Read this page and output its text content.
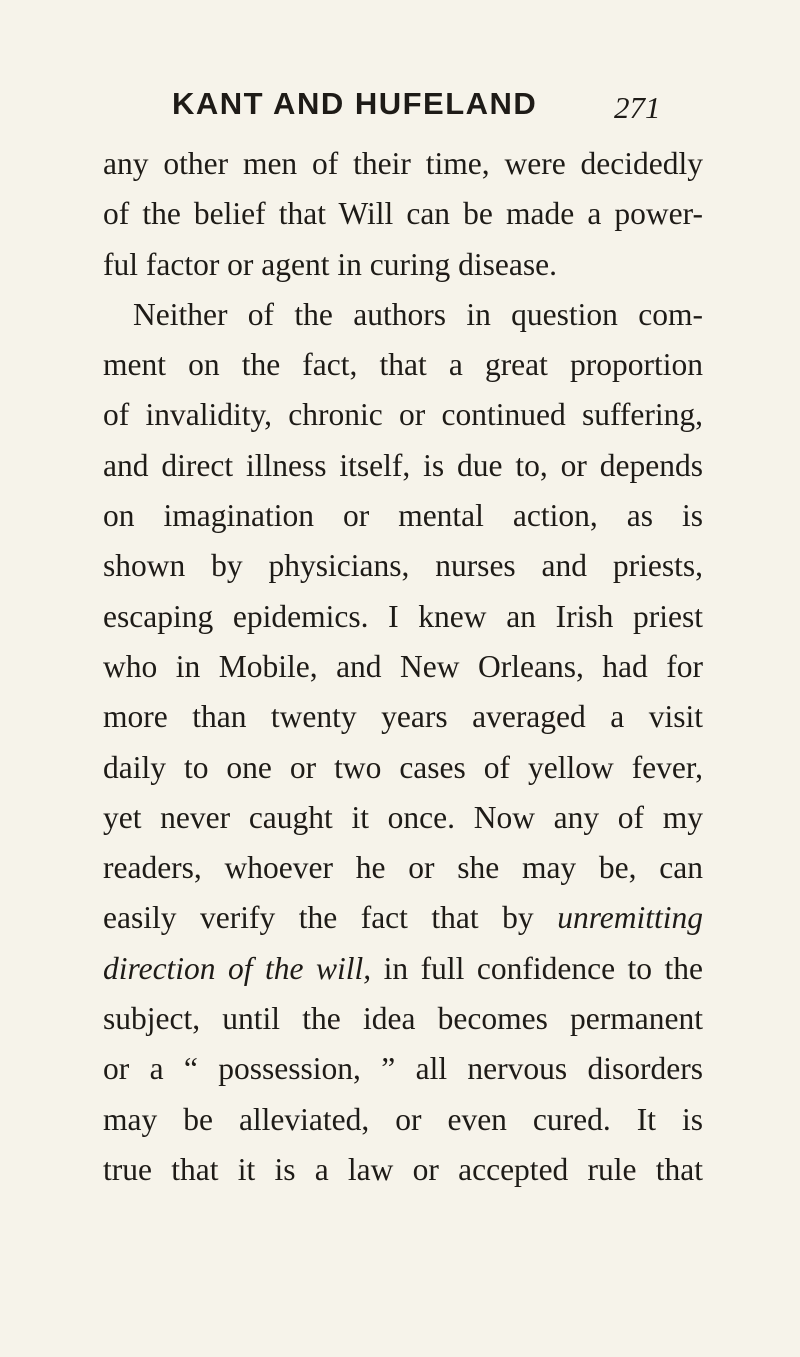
KANT AND HUFELAND 271
any other men of their time, were decidedly
of the belief that Will can be made a power-
ful factor or agent in curing disease.
Neither of the authors in question com-
ment on the fact, that a great proportion
of invalidity, chronic or continued suffering,
and direct illness itself, is due to, or depends
on imagination or mental action, as is
shown by physicians, nurses and priests,
escaping epidemics. I knew an Irish priest
who in Mobile, and New Orleans, had for
more than twenty years averaged a visit
daily to one or two cases of yellow fever,
yet never caught it once. Now any of my
readers, whoever he or she may be, can
easily verify the fact that by unremitting
direction of the will, in full confidence to the
subject, until the idea becomes permanent
or a “ possession, ” all nervous disorders
may be alleviated, or even cured. It is
true that it is a law or accepted rule that
